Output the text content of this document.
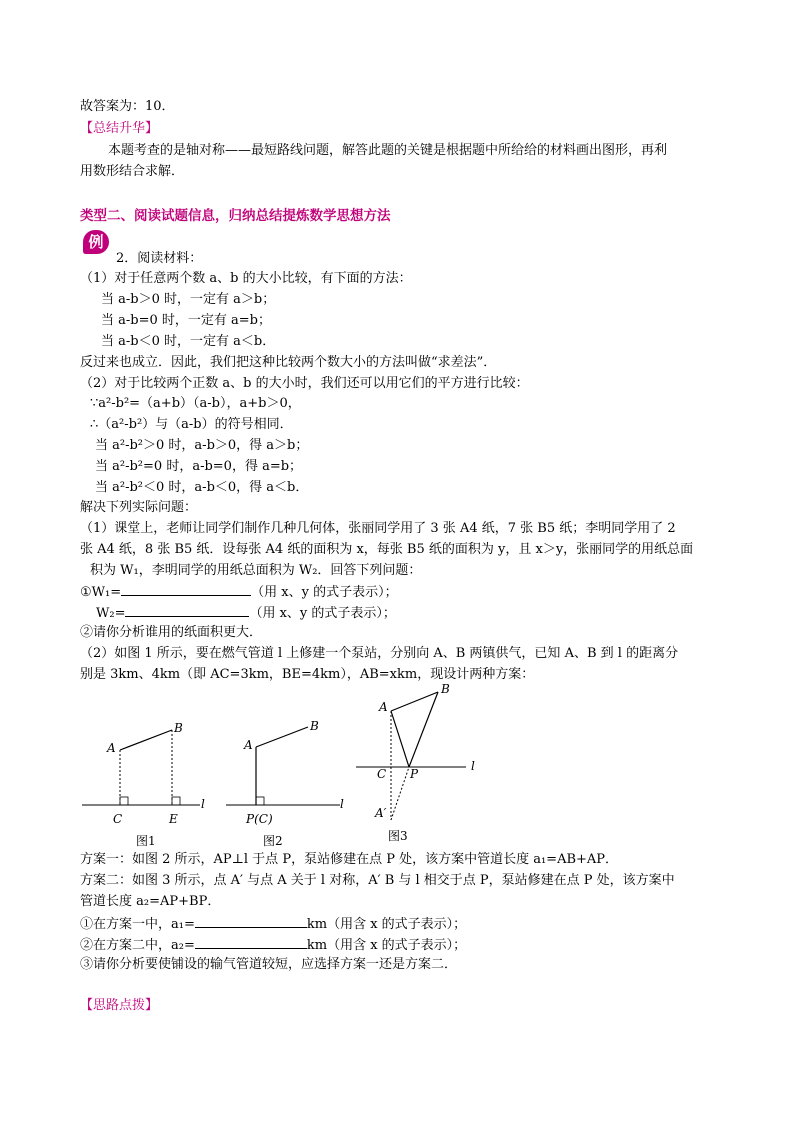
故答案为：10．
【总结升华】
本题考查的是轴对称——最短路线问题，解答此题的关键是根据题中所给给的材料画出图形，再利
用数形结合求解．
类型二、阅读试题信息，归纳总结提炼数学思想方法
例
2．阅读材料：
（1）对于任意两个数 a、b 的大小比较，有下面的方法：
当 a-b＞0 时，一定有 a＞b；
当 a-b=0 时，一定有 a=b；
当 a-b＜0 时，一定有 a＜b．
反过来也成立．因此，我们把这种比较两个数大小的方法叫做“求差法”．
（2）对于比较两个正数 a、b 的大小时，我们还可以用它们的平方进行比较：
∵a²-b²=（a+b）（a-b），a+b＞0，
∴（a²-b²）与（a-b）的符号相同．
当 a²-b²＞0 时，a-b＞0，得 a＞b；
当 a²-b²=0 时，a-b=0，得 a=b；
当 a²-b²＜0 时，a-b＜0，得 a＜b．
解决下列实际问题：
（1）课堂上，老师让同学们制作几种几何体，张丽同学用了 3 张 A4 纸，7 张 B5 纸；李明同学用了 2
张 A4 纸，8 张 B5 纸．设每张 A4 纸的面积为 x，每张 B5 纸的面积为 y，且 x＞y，张丽同学的用纸总面
积为 W₁，李明同学的用纸总面积为 W₂．回答下列问题：
①W₁=	（用 x、y 的式子表示）；
W₂=	（用 x、y 的式子表示）；
②请你分析谁用的纸面积更大．
（2）如图 1 所示，要在燃气管道 l 上修建一个泵站，分别向 A、B 两镇供气，已知 A、B 到 l 的距离分
别是 3km、4km（即 AC=3km，BE=4km），AB=xkm，现设计两种方案：
A
B
C	E
l
图1
A
B
P(C)
l
图2
A
B
C P
A′
l
图3
方案一：如图 2 所示，AP⊥l 于点 P，泵站修建在点 P 处，该方案中管道长度 a₁=AB+AP．
方案二：如图 3 所示，点 A′ 与点 A 关于 l 对称，A′ B 与 l 相交于点 P，泵站修建在点 P 处，该方案中
管道长度 a₂=AP+BP．
①在方案一中，a₁=	km（用含 x 的式子表示）；
②在方案二中，a₂=	km（用含 x 的式子表示）；
③请你分析要使铺设的输气管道较短，应选择方案一还是方案二．
【思路点拨】
